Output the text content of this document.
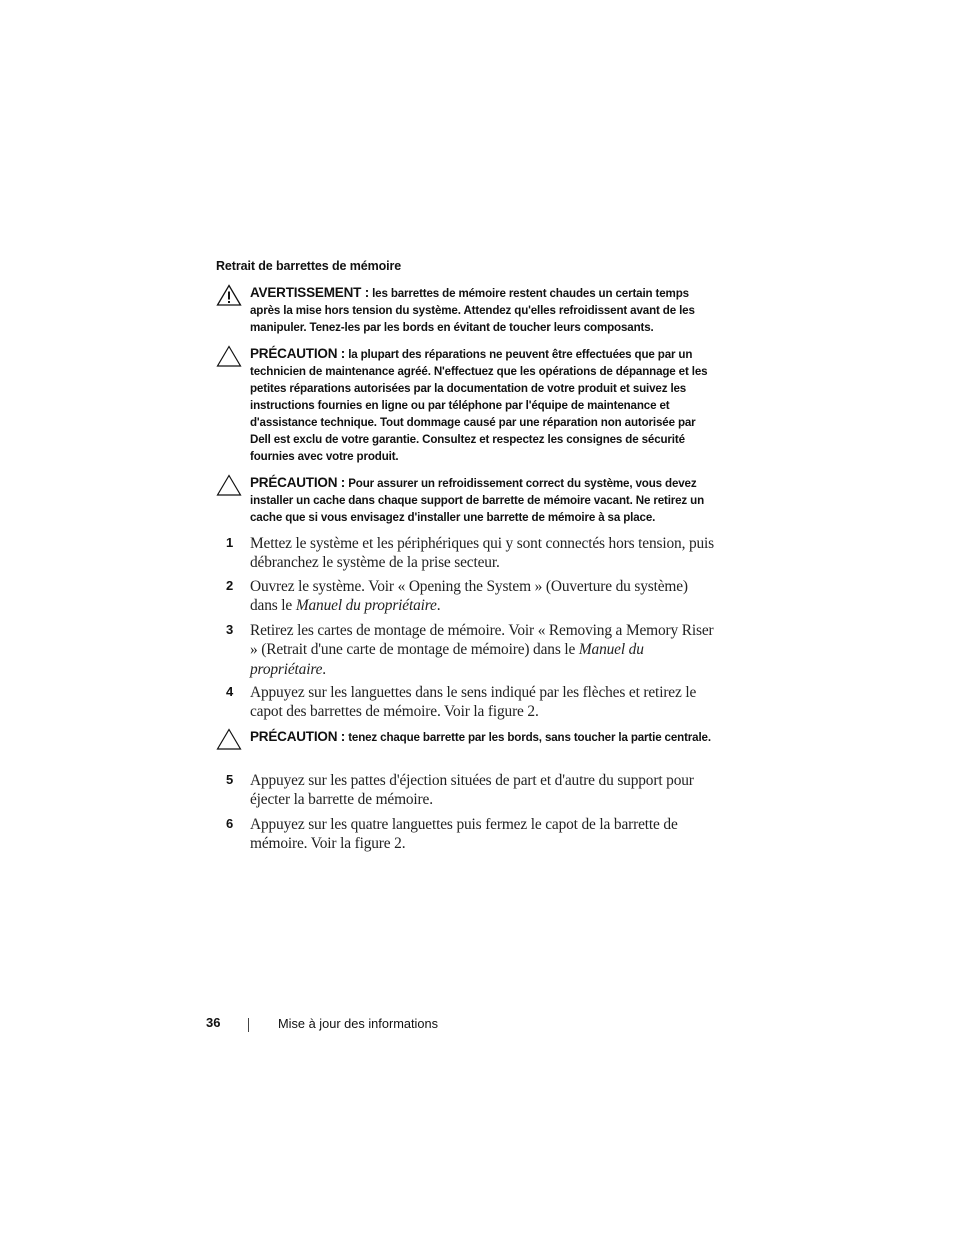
Retrait de barrettes de mémoire
AVERTISSEMENT : les barrettes de mémoire restent chaudes un certain temps après la mise hors tension du système. Attendez qu'elles refroidissent avant de les manipuler. Tenez-les par les bords en évitant de toucher leurs composants.
PRÉCAUTION : la plupart des réparations ne peuvent être effectuées que par un technicien de maintenance agréé. N'effectuez que les opérations de dépannage et les petites réparations autorisées par la documentation de votre produit et suivez les instructions fournies en ligne ou par téléphone par l'équipe de maintenance et d'assistance technique. Tout dommage causé par une réparation non autorisée par Dell est exclu de votre garantie. Consultez et respectez les consignes de sécurité fournies avec votre produit.
PRÉCAUTION : Pour assurer un refroidissement correct du système, vous devez installer un cache dans chaque support de barrette de mémoire vacant. Ne retirez un cache que si vous envisagez d'installer une barrette de mémoire à sa place.
1 Mettez le système et les périphériques qui y sont connectés hors tension, puis débranchez le système de la prise secteur.
2 Ouvrez le système. Voir « Opening the System » (Ouverture du système) dans le Manuel du propriétaire.
3 Retirez les cartes de montage de mémoire. Voir « Removing a Memory Riser » (Retrait d'une carte de montage de mémoire) dans le Manuel du propriétaire.
4 Appuyez sur les languettes dans le sens indiqué par les flèches et retirez le capot des barrettes de mémoire. Voir la figure 2.
PRÉCAUTION : tenez chaque barrette par les bords, sans toucher la partie centrale.
5 Appuyez sur les pattes d'éjection situées de part et d'autre du support pour éjecter la barrette de mémoire.
6 Appuyez sur les quatre languettes puis fermez le capot de la barrette de mémoire. Voir la figure 2.
36	Mise à jour des informations
